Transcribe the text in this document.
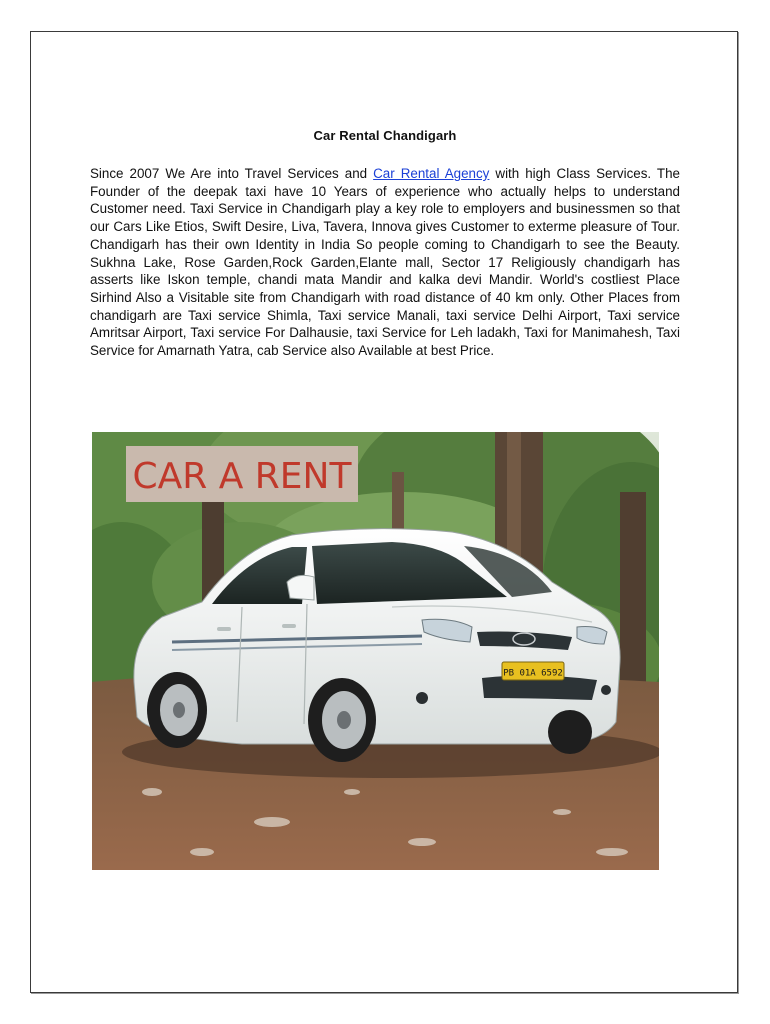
Car Rental Chandigarh
Since 2007 We Are into Travel Services and Car Rental Agency with high Class Services. The Founder of the deepak taxi have 10 Years of experience who actually helps to understand Customer need. Taxi Service in Chandigarh play a key role to employers and businessmen so that our Cars Like Etios, Swift Desire, Liva, Tavera, Innova gives Customer to exterme pleasure of Tour. Chandigarh has their own Identity in India So people coming to Chandigarh to see the Beauty. Sukhna Lake, Rose Garden,Rock Garden,Elante mall, Sector 17 Religiously chandigarh has asserts like Iskon temple, chandi mata Mandir and kalka devi Mandir. World's costliest Place Sirhind Also a Visitable site from Chandigarh with road distance of 40 km only. Other Places from chandigarh are Taxi service Shimla, Taxi service Manali, taxi service Delhi Airport, Taxi service Amritsar Airport, Taxi service For Dalhausie, taxi Service for Leh ladakh, Taxi for Manimahesh, Taxi Service for Amarnath Yatra, cab Service also Available at best Price.
PB 01A 6592
CAR A RENT
